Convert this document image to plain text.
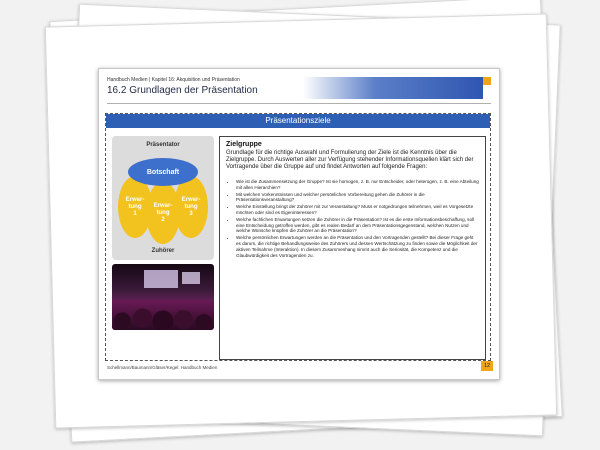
Handbuch Medien | Kapitel 16: Akquisition und Präsentation
16.2 Grundlagen der Präsentation
Präsentationsziele
Präsentator
Erwar-
tung
1
Erwar-
tung
2
Erwar-
tung
3
Botschaft
Zuhörer
Zielgruppe
Grundlage für die richtige Auswahl und Formulierung der Ziele ist die Kenntnis über die Zielgruppe. Durch Auswerten aller zur Verfügung stehender Informationsquellen klärt sich der Vortragende über die Gruppe auf und findet Antworten auf folgende Fragen:
• Wie ist die Zusammensetzung der Gruppe? Ist sie homogen, z. B. nur Entscheider, oder heterogen, z. B. eine Abteilung mit allen Hierarchien?
• Mit welchen Vorkenntnissen und welcher persönlichen Vorbereitung gehen die Zuhörer in die Präsentationsveranstaltung?
• Welche Einstellung bringt der Zuhörer mit zur Veranstaltung? Muss er notgedrungen teilnehmen, weil es Vorgesetzte möchten oder sind es Eigeninteressen?
• Welche fachlichen Erwartungen setzen die Zuhörer in die Präsentation? Ist es die erste Informationsbeschaffung, soll eine Entscheidung getroffen werden, gibt es realen Bedarf an dem Präsentationsgegenstand, welchen Nutzen und welche Wünsche knüpfen die Zuhörer an die Präsentation?
• Welche persönlichen Erwartungen werden an die Präsentation und den Vortragenden gestellt? Bei dieser Frage geht es darum, die richtige Behandlungsweise des Zuhörers und dessen Wertschätzung zu finden sowie die Möglichkeit der aktiven Teilnahme (Interaktion). In diesem Zusammenhang nimmt auch die Seriosität, die Kompetenz und die Glaubwürdigkeit des Vortragenden zu.
Schellmann/Baumann/Gläser/Kegel: Handbuch Medien	12
